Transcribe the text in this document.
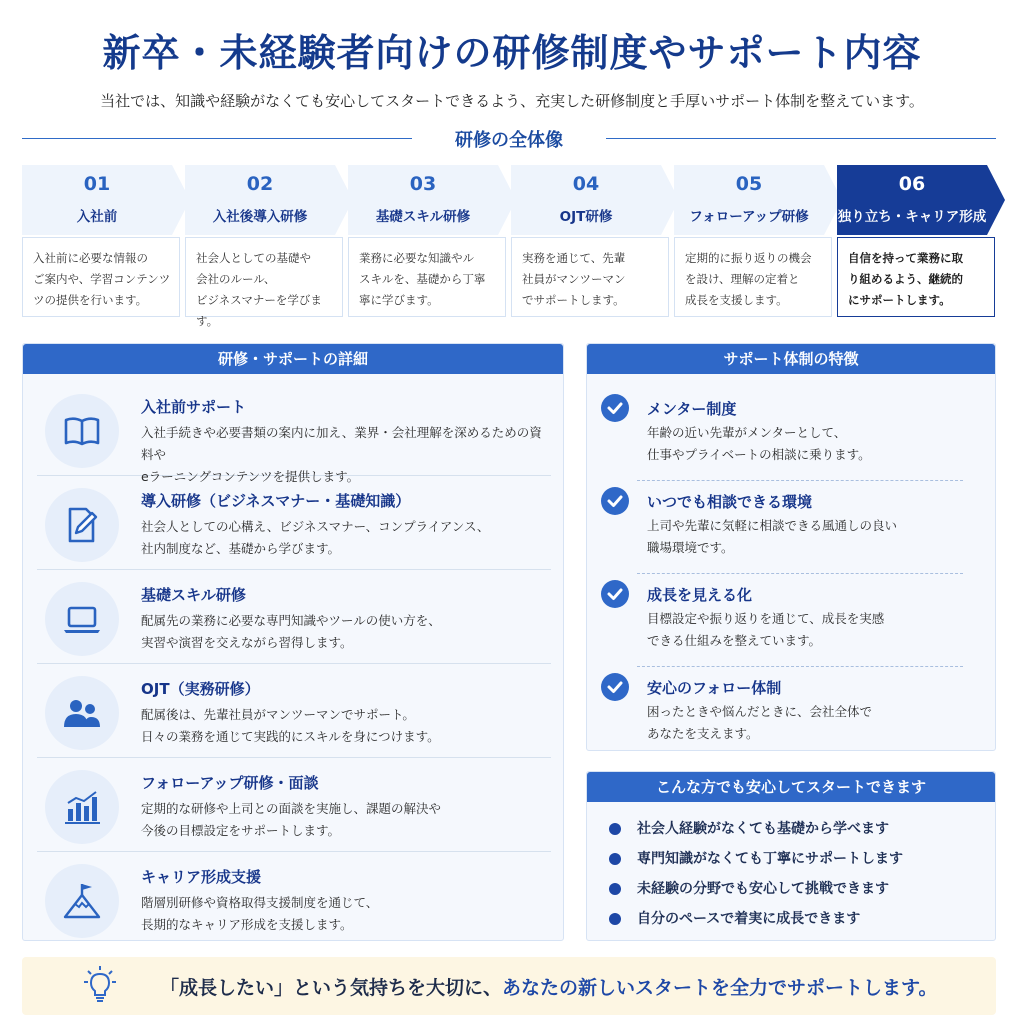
新卒・未経験者向けの研修制度やサポート内容
当社では、知識や経験がなくても安心してスタートできるよう、充実した研修制度と手厚いサポート体制を整えています。
研修の全体像
01
入社前
入社前に必要な情報の
ご案内や、学習コンテンツ
ツの提供を行います。
02
入社後導入研修
社会人としての基礎や
会社のルール、
ビジネスマナーを学びます。
03
基礎スキル研修
業務に必要な知識やル
スキルを、基礎から丁寧
寧に学びます。
04
OJT研修
実務を通じて、先輩
社員がマンツーマン
でサポートします。
05
フォローアップ研修
定期的に振り返りの機会
を設け、理解の定着と
成長を支援します。
06
独り立ち・キャリア形成
自信を持って業務に取
り組めるよう、継続的
にサポートします。
研修・サポートの詳細
入社前サポート
入社手続きや必要書類の案内に加え、業界・会社理解を深めるための資料や
eラーニングコンテンツを提供します。
導入研修（ビジネスマナー・基礎知識）
社会人としての心構え、ビジネスマナー、コンプライアンス、
社内制度など、基礎から学びます。
基礎スキル研修
配属先の業務に必要な専門知識やツールの使い方を、
実習や演習を交えながら習得します。
OJT（実務研修）
配属後は、先輩社員がマンツーマンでサポート。
日々の業務を通じて実践的にスキルを身につけます。
フォローアップ研修・面談
定期的な研修や上司との面談を実施し、課題の解決や
今後の目標設定をサポートします。
キャリア形成支援
階層別研修や資格取得支援制度を通じて、
長期的なキャリア形成を支援します。
サポート体制の特徴
メンター制度
年齢の近い先輩がメンターとして、
仕事やプライベートの相談に乗ります。
いつでも相談できる環境
上司や先輩に気軽に相談できる風通しの良い
職場環境です。
成長を見える化
目標設定や振り返りを通じて、成長を実感
できる仕組みを整えています。
安心のフォロー体制
困ったときや悩んだときに、会社全体で
あなたを支えます。
こんな方でも安心してスタートできます
社会人経験がなくても基礎から学べます
専門知識がなくても丁寧にサポートします
未経験の分野でも安心して挑戦できます
自分のペースで着実に成長できます
「成長したい」という気持ちを大切に、あなたの新しいスタートを全力でサポートします。
